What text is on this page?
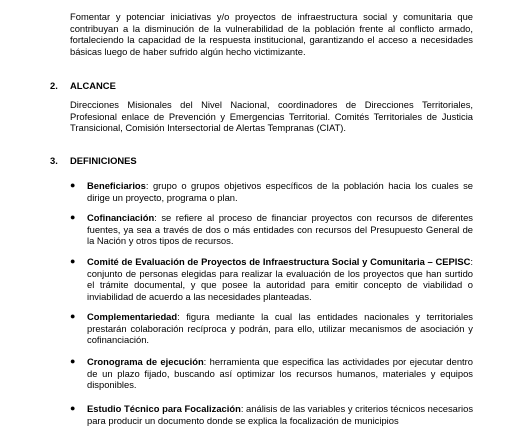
Fomentar y potenciar iniciativas y/o proyectos de infraestructura social y comunitaria que contribuyan a la disminución de la vulnerabilidad de la población frente al conflicto armado, fortaleciendo la capacidad de la respuesta institucional, garantizando el acceso a necesidades básicas luego de haber sufrido algún hecho victimizante.
2. ALCANCE
Direcciones Misionales del Nivel Nacional, coordinadores de Direcciones Territoriales, Profesional enlace de Prevención y Emergencias Territorial. Comités Territoriales de Justicia Transicional, Comisión Intersectorial de Alertas Tempranas (CIAT).
3. DEFINICIONES
● Beneficiarios: grupo o grupos objetivos específicos de la población hacia los cuales se dirige un proyecto, programa o plan.
● Cofinanciación: se refiere al proceso de financiar proyectos con recursos de diferentes fuentes, ya sea a través de dos o más entidades con recursos del Presupuesto General de la Nación y otros tipos de recursos.
● Comité de Evaluación de Proyectos de Infraestructura Social y Comunitaria – CEPISC: conjunto de personas elegidas para realizar la evaluación de los proyectos que han surtido el trámite documental, y que posee la autoridad para emitir concepto de viabilidad o inviabilidad de acuerdo a las necesidades planteadas.
● Complementariedad: figura mediante la cual las entidades nacionales y territoriales prestarán colaboración recíproca y podrán, para ello, utilizar mecanismos de asociación y cofinanciación.
● Cronograma de ejecución: herramienta que especifica las actividades por ejecutar dentro de un plazo fijado, buscando así optimizar los recursos humanos, materiales y equipos disponibles.
● Estudio Técnico para Focalización: análisis de las variables y criterios técnicos necesarios para producir un documento donde se explica la focalización de municipios
